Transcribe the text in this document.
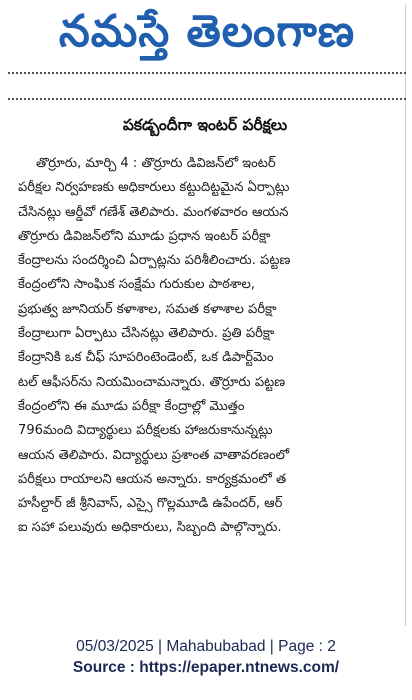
నమస్తే తెలంగాణ
పకడ్బందీగా ఇంటర్ పరీక్షలు
తొర్రూరు, మార్చి 4 : తొర్రూరు డివిజన్‌లో ఇంటర్
పరీక్షల నిర్వహణకు అధికారులు కట్టుదిట్టమైన ఏర్పాట్లు
చేసినట్లు ఆర్డీవో గణేశ్ తెలిపారు. మంగళవారం ఆయన
తొర్రూరు డివిజన్‌లోని మూడు ప్రధాన ఇంటర్ పరీక్షా
కేంద్రాలను సందర్శించి ఏర్పాట్లను పరిశీలించారు. పట్టణ
కేంద్రంలోని సాంఘిక సంక్షేమ గురుకుల పాఠశాల,
ప్రభుత్వ జూనియర్ కళాశాల, సమత కళాశాల పరీక్షా
కేంద్రాలుగా ఏర్పాటు చేసినట్లు తెలిపారు. ప్రతి పరీక్షా
కేంద్రానికి ఒక చీఫ్ సూపరింటెండెంట్, ఒక డిపార్ట్‌మెం
టల్ ఆఫీసర్‌ను నియమించామన్నారు. తొర్రూరు పట్టణ
కేంద్రంలోని ఈ మూడు పరీక్షా కేంద్రాల్లో మొత్తం
796మంది విద్యార్థులు పరీక్షలకు హాజరుకానున్నట్లు
ఆయన తెలిపారు. విద్యార్థులు ప్రశాంత వాతావరణంలో
పరీక్షలు రాయాలని ఆయన అన్నారు. కార్యక్రమంలో త
హసీల్దార్ జీ శ్రీనివాస్, ఎస్సై గొల్లమూడి ఉపేందర్, ఆర్
ఐ సహా పలువురు అధికారులు, సిబ్బంది పాల్గొన్నారు.
05/03/2025 | Mahabubabad | Page : 2
Source : https://epaper.ntnews.com/
